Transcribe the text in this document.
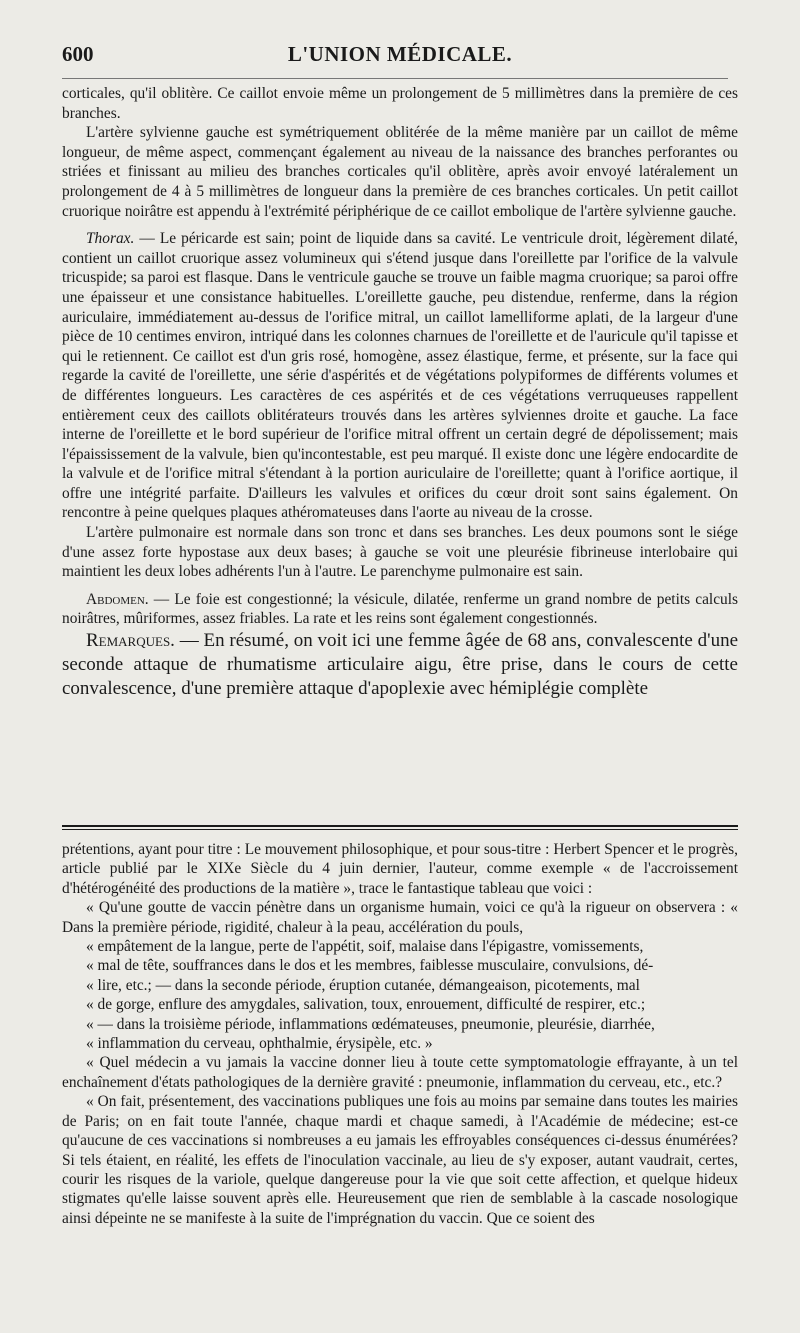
600	L'UNION MÉDICALE.

corticales, qu'il oblitère. Ce caillot envoie même un prolongement de 5 millimètres dans la première de ces branches.

L'artère sylvienne gauche est symétriquement oblitérée de la même manière par un caillot de même longueur, de même aspect, commençant également au niveau de la naissance des branches perforantes ou striées et finissant au milieu des branches corticales qu'il oblitère, après avoir envoyé latéralement un prolongement de 4 à 5 millimètres de longueur dans la première de ces branches corticales. Un petit caillot cruorique noirâtre est appendu à l'extrémité périphérique de ce caillot embolique de l'artère sylvienne gauche.

Thorax. — Le péricarde est sain; point de liquide dans sa cavité. Le ventricule droit, légèrement dilaté, contient un caillot cruorique assez volumineux qui s'étend jusque dans l'oreillette par l'orifice de la valvule tricuspide; sa paroi est flasque. Dans le ventricule gauche se trouve un faible magma cruorique; sa paroi offre une épaisseur et une consistance habituelles. L'oreillette gauche, peu distendue, renferme, dans la région auriculaire, immédiatement au-dessus de l'orifice mitral, un caillot lamelliforme aplati, de la largeur d'une pièce de 10 centimes environ, intriqué dans les colonnes charnues de l'oreillette et de l'auricule qu'il tapisse et qui le retiennent. Ce caillot est d'un gris rosé, homogène, assez élastique, ferme, et présente, sur la face qui regarde la cavité de l'oreillette, une série d'aspérités et de végétations polypiformes de différents volumes et de différentes longueurs. Les caractères de ces aspérités et de ces végétations verruqueuses rappellent entièrement ceux des caillots oblitérateurs trouvés dans les artères sylviennes droite et gauche. La face interne de l'oreillette et le bord supérieur de l'orifice mitral offrent un certain degré de dépolissement; mais l'épaississement de la valvule, bien qu'incontestable, est peu marqué. Il existe donc une légère endocardite de la valvule et de l'orifice mitral s'étendant à la portion auriculaire de l'oreillette; quant à l'orifice aortique, il offre une intégrité parfaite. D'ailleurs les valvules et orifices du cœur droit sont sains également. On rencontre à peine quelques plaques athéromateuses dans l'aorte au niveau de la crosse.

L'artère pulmonaire est normale dans son tronc et dans ses branches. Les deux poumons sont le siége d'une assez forte hypostase aux deux bases; à gauche se voit une pleurésie fibrineuse interlobaire qui maintient les deux lobes adhérents l'un à l'autre. Le parenchyme pulmonaire est sain.

Abdomen. — Le foie est congestionné; la vésicule, dilatée, renferme un grand nombre de petits calculs noirâtres, mûriformes, assez friables. La rate et les reins sont également congestionnés.

Remarques. — En résumé, on voit ici une femme âgée de 68 ans, convalescente d'une seconde attaque de rhumatisme articulaire aigu, être prise, dans le cours de cette convalescence, d'une première attaque d'apoplexie avec hémiplégie complète

prétentions, ayant pour titre : Le mouvement philosophique, et pour sous-titre : Herbert Spencer et le progrès, article publié par le XIXe Siècle du 4 juin dernier, l'auteur, comme exemple « de l'accroissement d'hétérogénéité des productions de la matière », trace le fantastique tableau que voici :

« Qu'une goutte de vaccin pénètre dans un organisme humain, voici ce qu'à la rigueur on observera : « Dans la première période, rigidité, chaleur à la peau, accélération du pouls,

« empâtement de la langue, perte de l'appétit, soif, malaise dans l'épigastre, vomissements,

« mal de tête, souffrances dans le dos et les membres, faiblesse musculaire, convulsions, dé-

« lire, etc.; — dans la seconde période, éruption cutanée, démangeaison, picotements, mal

« de gorge, enflure des amygdales, salivation, toux, enrouement, difficulté de respirer, etc.;

« — dans la troisième période, inflammations œdémateuses, pneumonie, pleurésie, diarrhée,

« inflammation du cerveau, ophthalmie, érysipèle, etc. »

« Quel médecin a vu jamais la vaccine donner lieu à toute cette symptomatologie effrayante, à un tel enchaînement d'états pathologiques de la dernière gravité : pneumonie, inflammation du cerveau, etc., etc.?

« On fait, présentement, des vaccinations publiques une fois au moins par semaine dans toutes les mairies de Paris; on en fait toute l'année, chaque mardi et chaque samedi, à l'Académie de médecine; est-ce qu'aucune de ces vaccinations si nombreuses a eu jamais les effroyables conséquences ci-dessus énumérées? Si tels étaient, en réalité, les effets de l'inoculation vaccinale, au lieu de s'y exposer, autant vaudrait, certes, courir les risques de la variole, quelque dangereuse pour la vie que soit cette affection, et quelque hideux stigmates qu'elle laisse souvent après elle. Heureusement que rien de semblable à la cascade nosologique ainsi dépeinte ne se manifeste à la suite de l'imprégnation du vaccin. Que ce soient des
